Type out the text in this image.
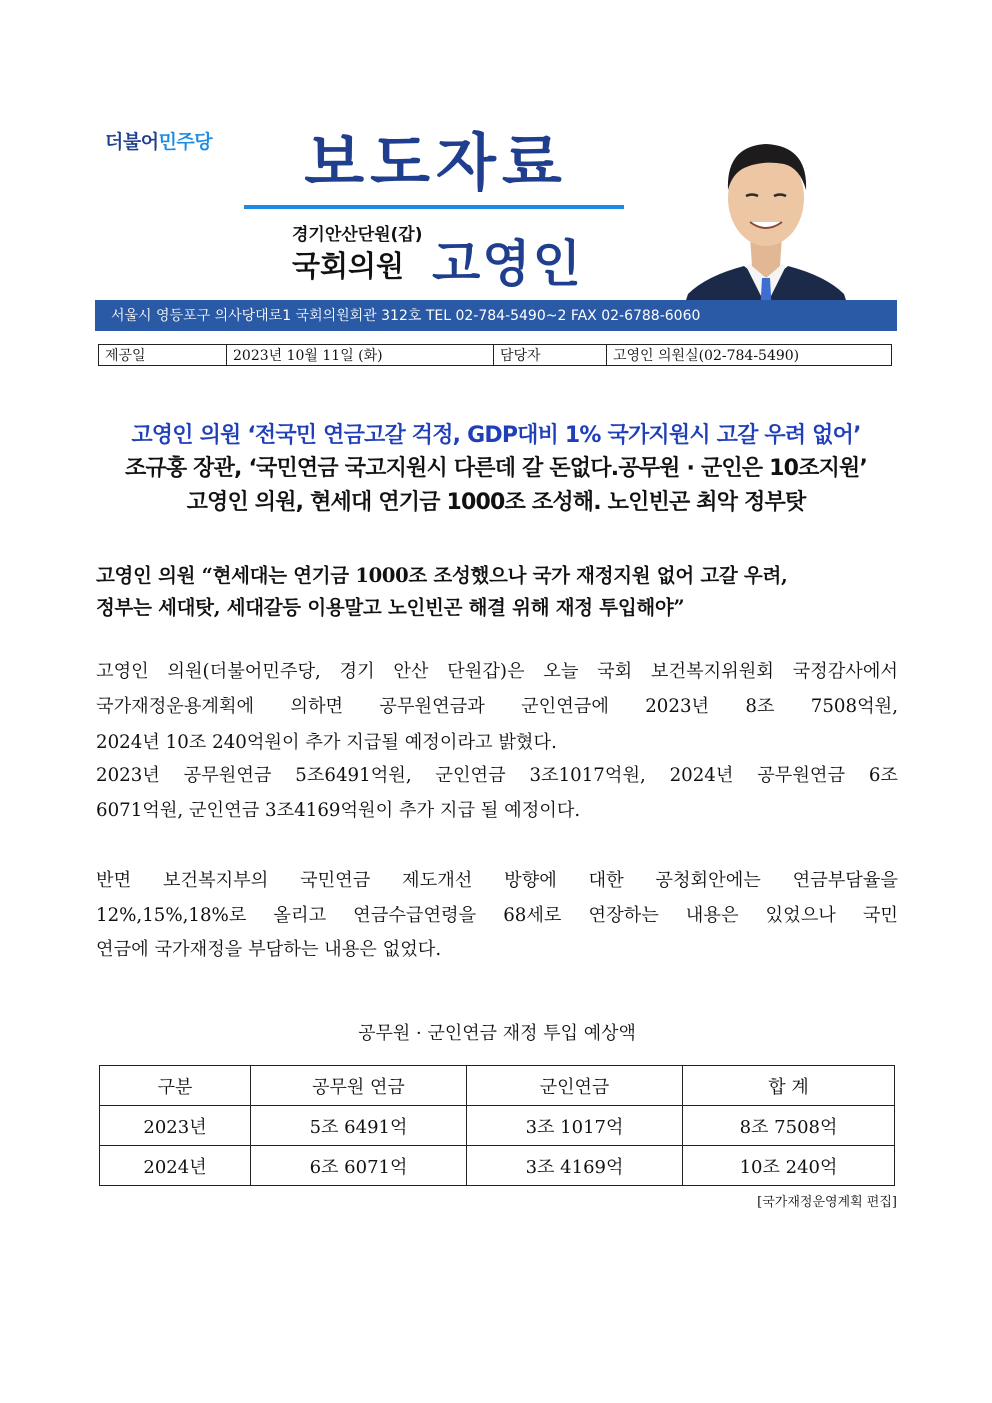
더불어민주당	보도자료
경기안산단원(갑)
국회의원 고영인
서울시 영등포구 의사당대로1 국회의원회관 312호 TEL 02-784-5490~2 FAX 02-6788-6060
제공일	2023년 10월 11일 (화)	담당자	고영인 의원실(02-784-5490)
고영인 의원 ‘전국민 연금고갈 걱정, GDP대비 1% 국가지원시 고갈 우려 없어’
조규홍 장관, ‘국민연금 국고지원시 다른데 갈 돈없다.공무원 · 군인은 10조지원’
고영인 의원, 현세대 연기금 1000조 조성해. 노인빈곤 최악 정부탓
고영인 의원 “현세대는 연기금 1000조 조성했으나 국가 재정지원 없어 고갈 우려,
정부는 세대탓, 세대갈등 이용말고 노인빈곤 해결 위해 재정 투입해야”
고영인 의원(더불어민주당, 경기 안산 단원갑)은 오늘 국회 보건복지위원회 국정감사에서
국가재정운용계획에 의하면 공무원연금과 군인연금에 2023년 8조 7508억원,
2024년 10조 240억원이 추가 지급될 예정이라고 밝혔다.
2023년 공무원연금 5조6491억원, 군인연금 3조1017억원, 2024년 공무원연금 6조
6071억원, 군인연금 3조4169억원이 추가 지급 될 예정이다.
반면 보건복지부의 국민연금 제도개선 방향에 대한 공청회안에는 연금부담율을
12%,15%,18%로 올리고 연금수급연령을 68세로 연장하는 내용은 있었으나 국민
연금에 국가재정을 부담하는 내용은 없었다.
공무원 · 군인연금 재정 투입 예상액
구분	공무원 연금	군인연금	합 계
2023년	5조 6491억	3조 1017억	8조 7508억
2024년	6조 6071억	3조 4169억	10조 240억
[국가재정운영계획 편집]
